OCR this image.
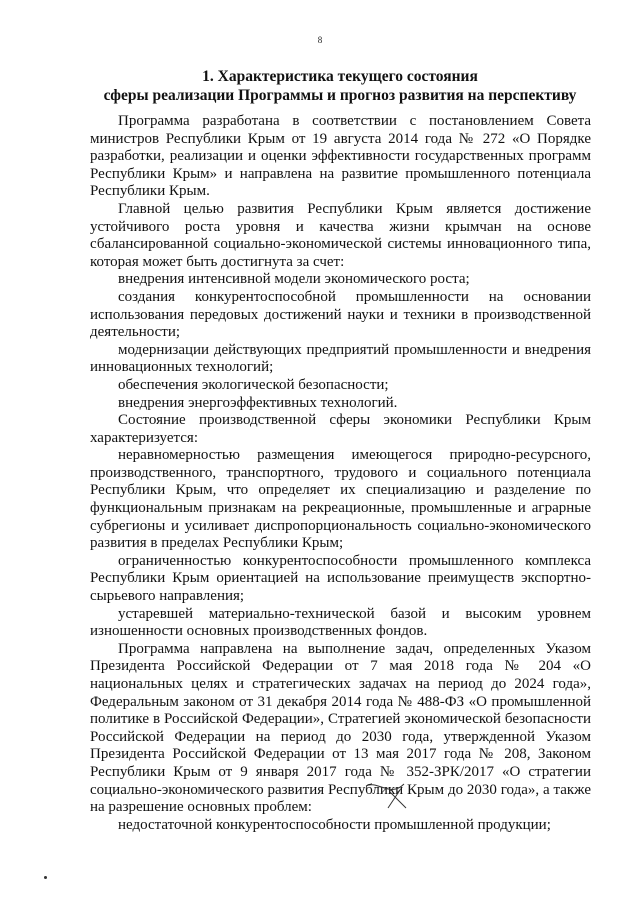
8
1. Характеристика текущего состояния
сферы реализации Программы и прогноз развития на перспективу

Программа разработана в соответствии с постановлением Совета министров Республики Крым от 19 августа 2014 года № 272 «О Порядке разработки, реализации и оценки эффективности государственных программ Республики Крым» и направлена на развитие промышленного потенциала Республики Крым.

Главной целью развития Республики Крым является достижение устойчивого роста уровня и качества жизни крымчан на основе сбалансированной социально-экономической системы инновационного типа, которая может быть достигнута за счет:

внедрения интенсивной модели экономического роста;

создания конкурентоспособной промышленности на основании использования передовых достижений науки и техники в производственной деятельности;

модернизации действующих предприятий промышленности и внедрения инновационных технологий;

обеспечения экологической безопасности;

внедрения энергоэффективных технологий.

Состояние производственной сферы экономики Республики Крым характеризуется:

неравномерностью размещения имеющегося природно-ресурсного, производственного, транспортного, трудового и социального потенциала Республики Крым, что определяет их специализацию и разделение по функциональным признакам на рекреационные, промышленные и аграрные субрегионы и усиливает диспропорциональность социально-экономического развития в пределах Республики Крым;

ограниченностью конкурентоспособности промышленного комплекса Республики Крым ориентацией на использование преимуществ экспортно-сырьевого направления;

устаревшей материально-технической базой и высоким уровнем изношенности основных производственных фондов.

Программа направлена на выполнение задач, определенных Указом Президента Российской Федерации от 7 мая 2018 года № 204 «О национальных целях и стратегических задачах на период до 2024 года», Федеральным законом от 31 декабря 2014 года № 488-ФЗ «О промышленной политике в Российской Федерации», Стратегией экономической безопасности Российской Федерации на период до 2030 года, утвержденной Указом Президента Российской Федерации от 13 мая 2017 года № 208, Законом Республики Крым от 9 января 2017 года № 352-ЗРК/2017 «О стратегии социально-экономического развития Республики Крым до 2030 года», а также на разрешение основных проблем:

недостаточной конкурентоспособности промышленной продукции;
